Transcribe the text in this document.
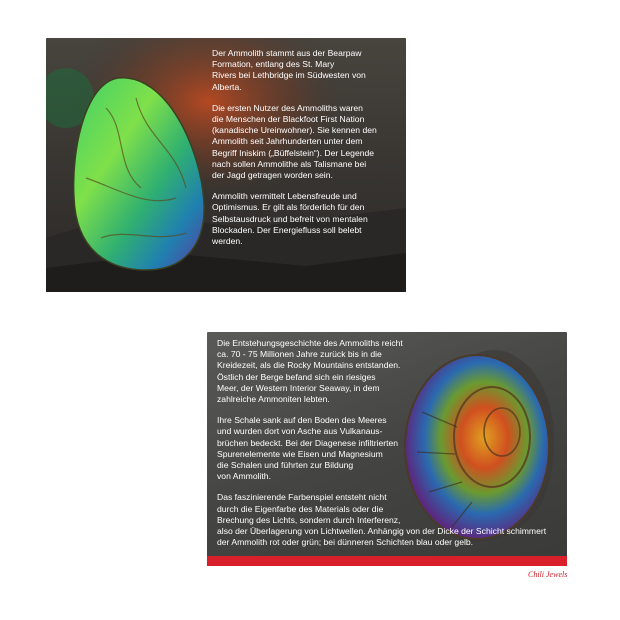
Der Ammolith stammt aus der Bearpaw
Formation, entlang des St. Mary
Rivers bei Lethbridge im Südwesten von
Alberta.

Die ersten Nutzer des Ammoliths waren
die Menschen der Blackfoot First Nation
(kanadische Ureinwohner). Sie kennen den
Ammolith seit Jahrhunderten unter dem
Begriff Iniskim („Büffelstein“). Der Legende
nach sollen Ammolithe als Talismane bei
der Jagd getragen worden sein.

Ammolith vermittelt Lebensfreude und
Optimismus. Er gilt als förderlich für den
Selbstausdruck und befreit von mentalen
Blockaden. Der Energiefluss soll belebt
werden.

Die Entstehungsgeschichte des Ammoliths reicht
ca. 70 - 75 Millionen Jahre zurück bis in die
Kreidezeit, als die Rocky Mountains entstanden.
Östlich der Berge befand sich ein riesiges
Meer, der Western Interior Seaway, in dem
zahlreiche Ammoniten lebten.

Ihre Schale sank auf den Boden des Meeres
und wurden dort von Asche aus Vulkanaus-
brüchen bedeckt. Bei der Diagenese infiltrierten
Spurenelemente wie Eisen und Magnesium
die Schalen und führten zur Bildung
von Ammolith.

Das faszinierende Farbenspiel entsteht nicht
durch die Eigenfarbe des Materials oder die
Brechung des Lichts, sondern durch Interferenz,
also der Überlagerung von Lichtwellen. Anhängig von der Dicke der Schicht schimmert
der Ammolith rot oder grün; bei dünneren Schichten blau oder gelb.

Chili Jewels
